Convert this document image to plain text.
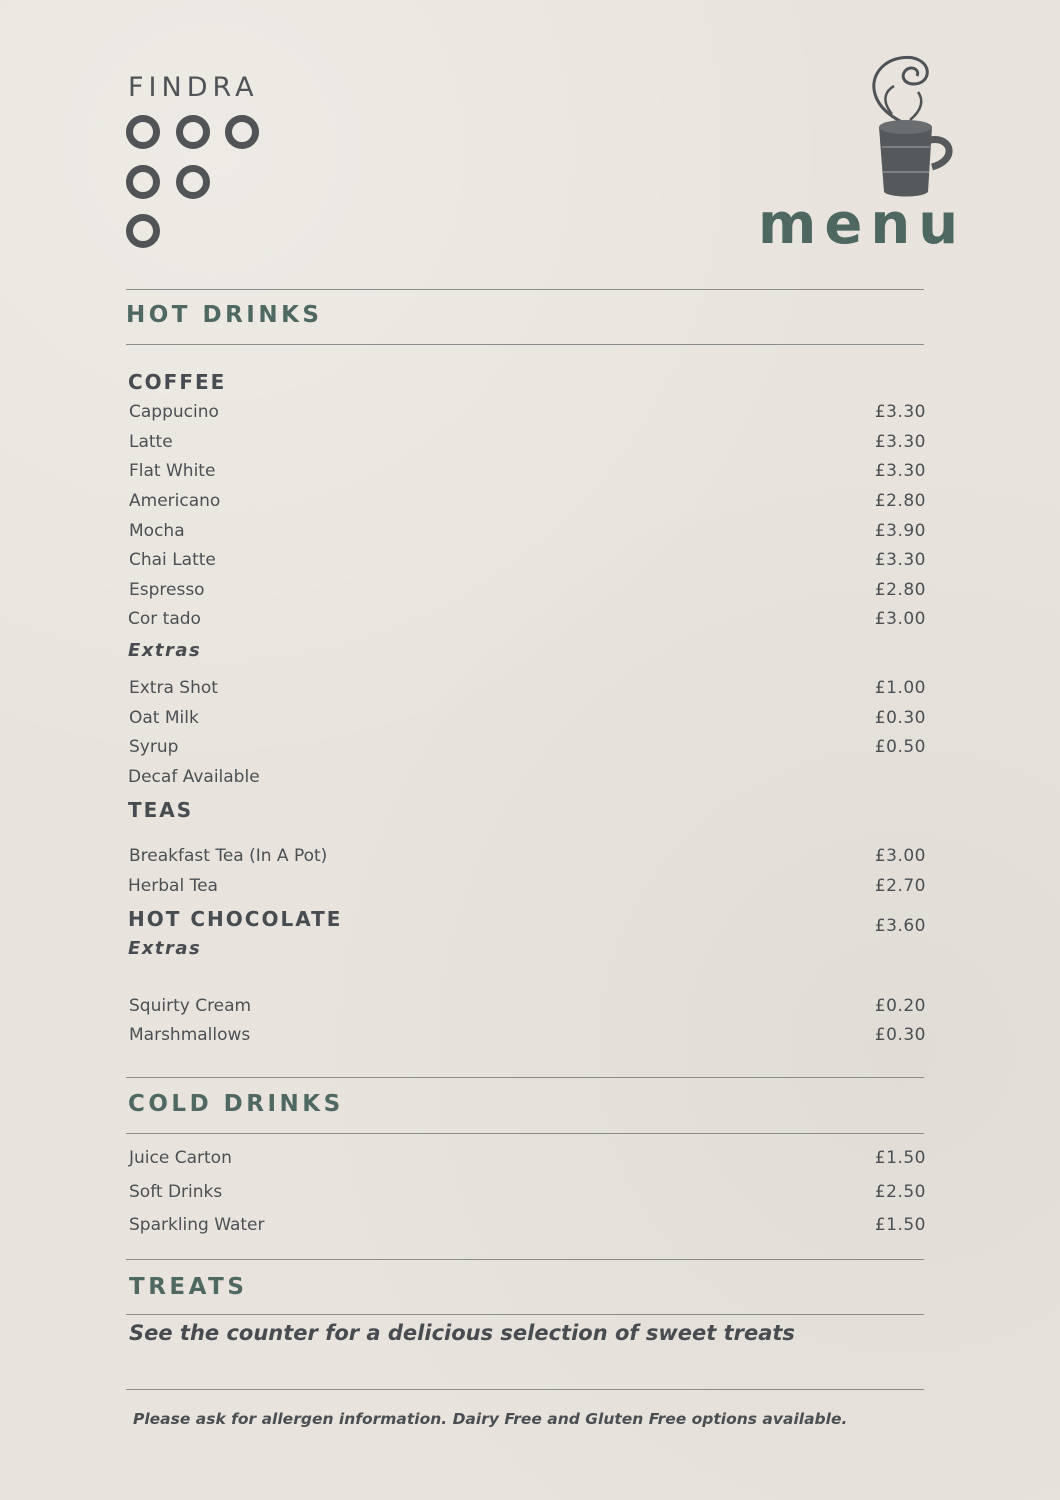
FINDRA
menu
HOT DRINKS
COFFEE
Cappucino	£3.30
Latte	£3.30
Flat White	£3.30
Americano	£2.80
Mocha	£3.90
Chai Latte	£3.30
Espresso	£2.80
Cor tado	£3.00
Extras
Extra Shot	£1.00
Oat Milk	£0.30
Syrup	£0.50
Decaf Available
TEAS
Breakfast Tea (In A Pot)	£3.00
Herbal Tea	£2.70
HOT CHOCOLATE	£3.60
Extras
Squirty Cream	£0.20
Marshmallows	£0.30
COLD DRINKS
Juice Carton	£1.50
Soft Drinks	£2.50
Sparkling Water	£1.50
TREATS
See the counter for a delicious selection of sweet treats
Please ask for allergen information. Dairy Free and Gluten Free options available.
